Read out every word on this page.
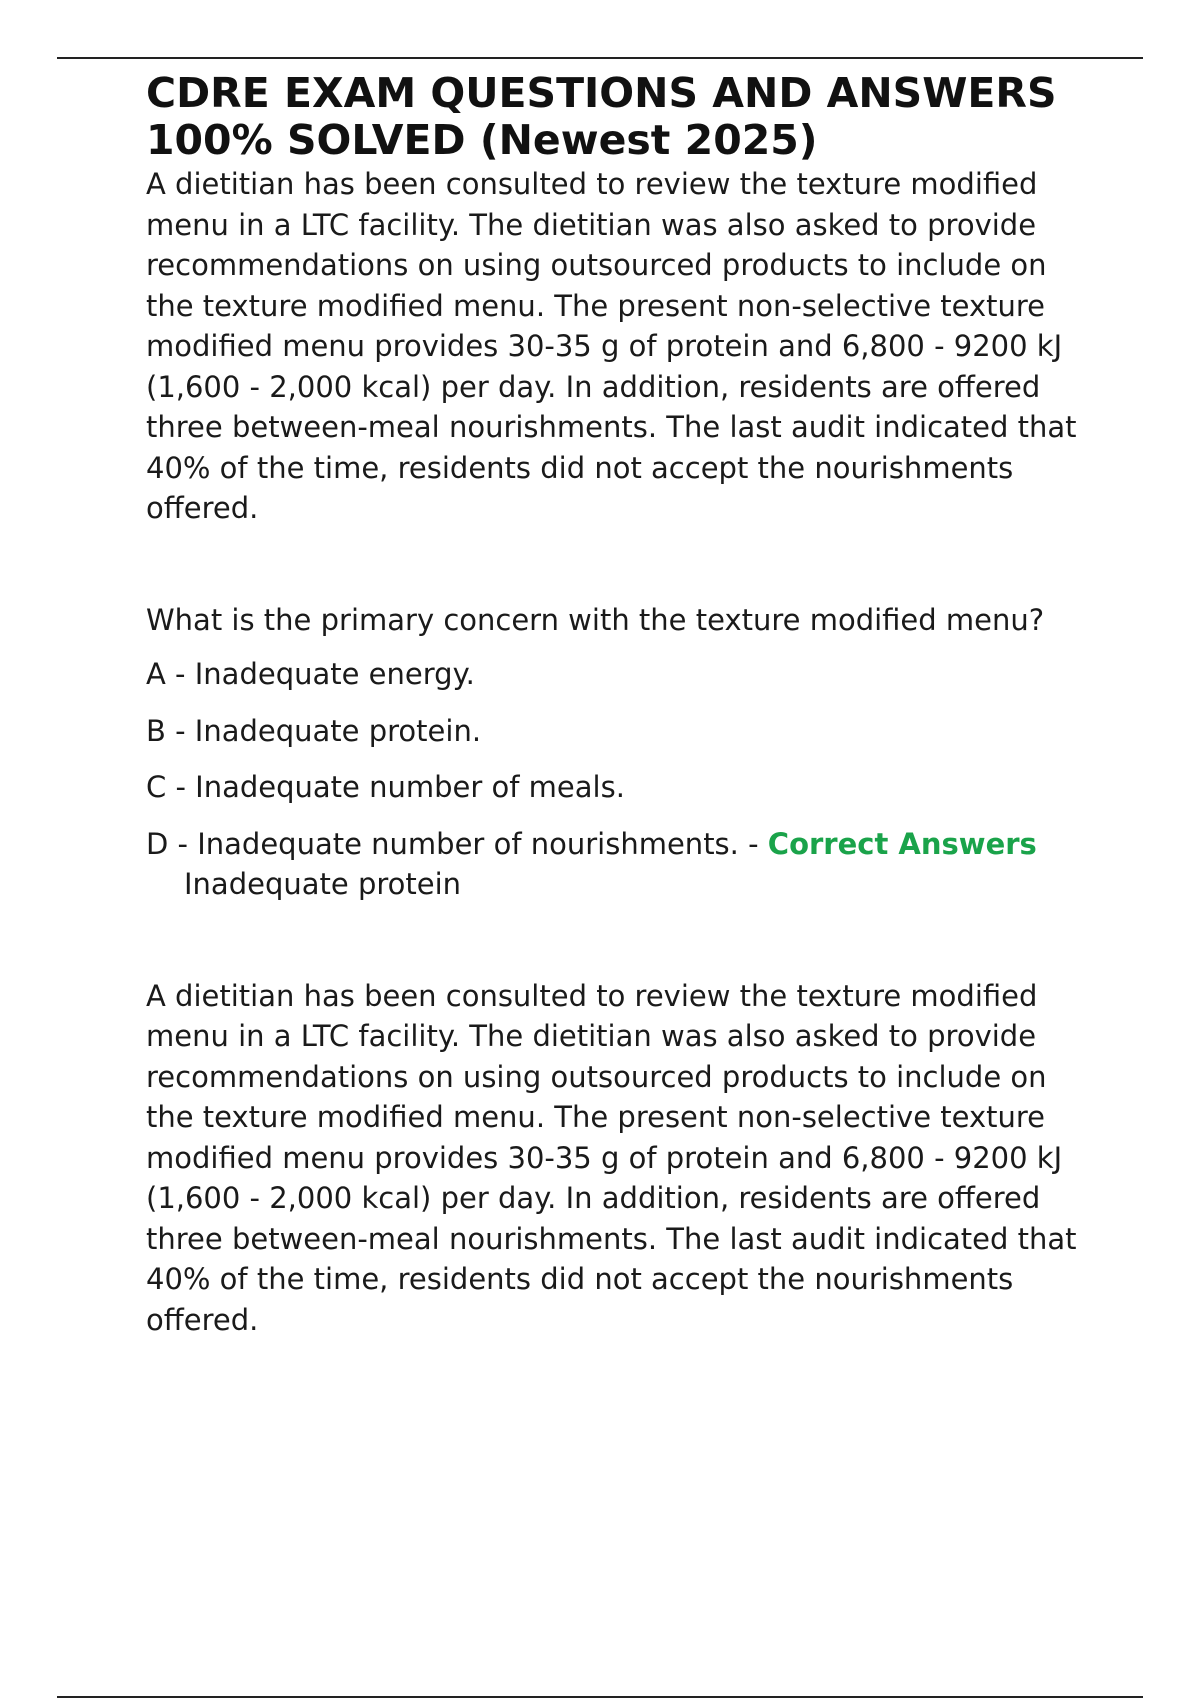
CDRE EXAM QUESTIONS AND ANSWERS 100% SOLVED (Newest 2025)

A dietitian has been consulted to review the texture modified menu in a LTC facility. The dietitian was also asked to provide recommendations on using outsourced products to include on the texture modified menu. The present non-selective texture modified menu provides 30-35 g of protein and 6,800 - 9200 kJ (1,600 - 2,000 kcal) per day. In addition, residents are offered three between-meal nourishments. The last audit indicated that 40% of the time, residents did not accept the nourishments offered.

What is the primary concern with the texture modified menu?

A - Inadequate energy.
B - Inadequate protein.
C - Inadequate number of meals.
D - Inadequate number of nourishments. - Correct Answers
Inadequate protein

A dietitian has been consulted to review the texture modified menu in a LTC facility. The dietitian was also asked to provide recommendations on using outsourced products to include on the texture modified menu. The present non-selective texture modified menu provides 30-35 g of protein and 6,800 - 9200 kJ (1,600 - 2,000 kcal) per day. In addition, residents are offered three between-meal nourishments. The last audit indicated that 40% of the time, residents did not accept the nourishments offered.
